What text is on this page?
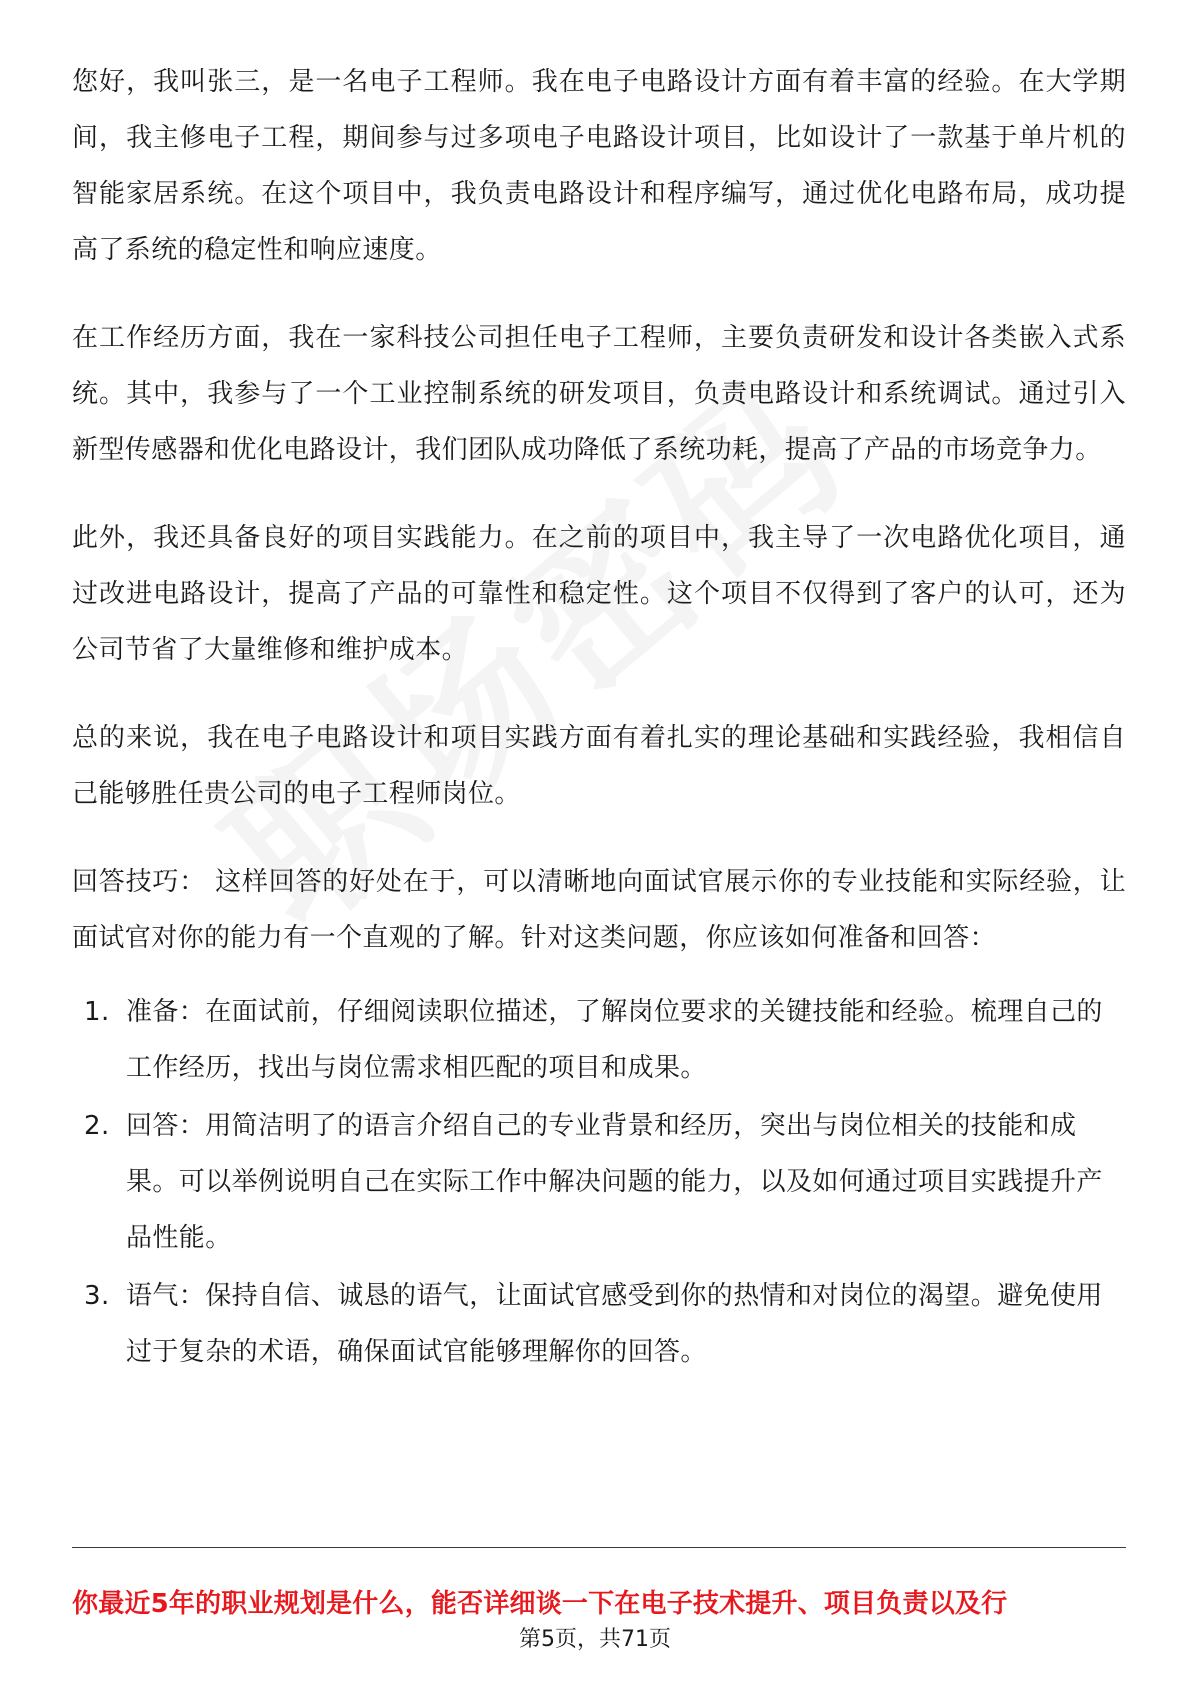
您好，我叫张三，是一名电子工程师。我在电子电路设计方面有着丰富的经验。在大学期间，我主修电子工程，期间参与过多项电子电路设计项目，比如设计了一款基于单片机的智能家居系统。在这个项目中，我负责电路设计和程序编写，通过优化电路布局，成功提高了系统的稳定性和响应速度。

在工作经历方面，我在一家科技公司担任电子工程师，主要负责研发和设计各类嵌入式系统。其中，我参与了一个工业控制系统的研发项目，负责电路设计和系统调试。通过引入新型传感器和优化电路设计，我们团队成功降低了系统功耗，提高了产品的市场竞争力。

此外，我还具备良好的项目实践能力。在之前的项目中，我主导了一次电路优化项目，通过改进电路设计，提高了产品的可靠性和稳定性。这个项目不仅得到了客户的认可，还为公司节省了大量维修和维护成本。

总的来说，我在电子电路设计和项目实践方面有着扎实的理论基础和实践经验，我相信自己能够胜任贵公司的电子工程师岗位。

回答技巧： 这样回答的好处在于，可以清晰地向面试官展示你的专业技能和实际经验，让面试官对你的能力有一个直观的了解。针对这类问题，你应该如何准备和回答：

1. 准备：在面试前，仔细阅读职位描述，了解岗位要求的关键技能和经验。梳理自己的工作经历，找出与岗位需求相匹配的项目和成果。
2. 回答：用简洁明了的语言介绍自己的专业背景和经历，突出与岗位相关的技能和成果。可以举例说明自己在实际工作中解决问题的能力，以及如何通过项目实践提升产品性能。
3. 语气：保持自信、诚恳的语气，让面试官感受到你的热情和对岗位的渴望。避免使用过于复杂的术语，确保面试官能够理解你的回答。
你最近5年的职业规划是什么，能否详细谈一下在电子技术提升、项目负责以及行
第5页，共71页
